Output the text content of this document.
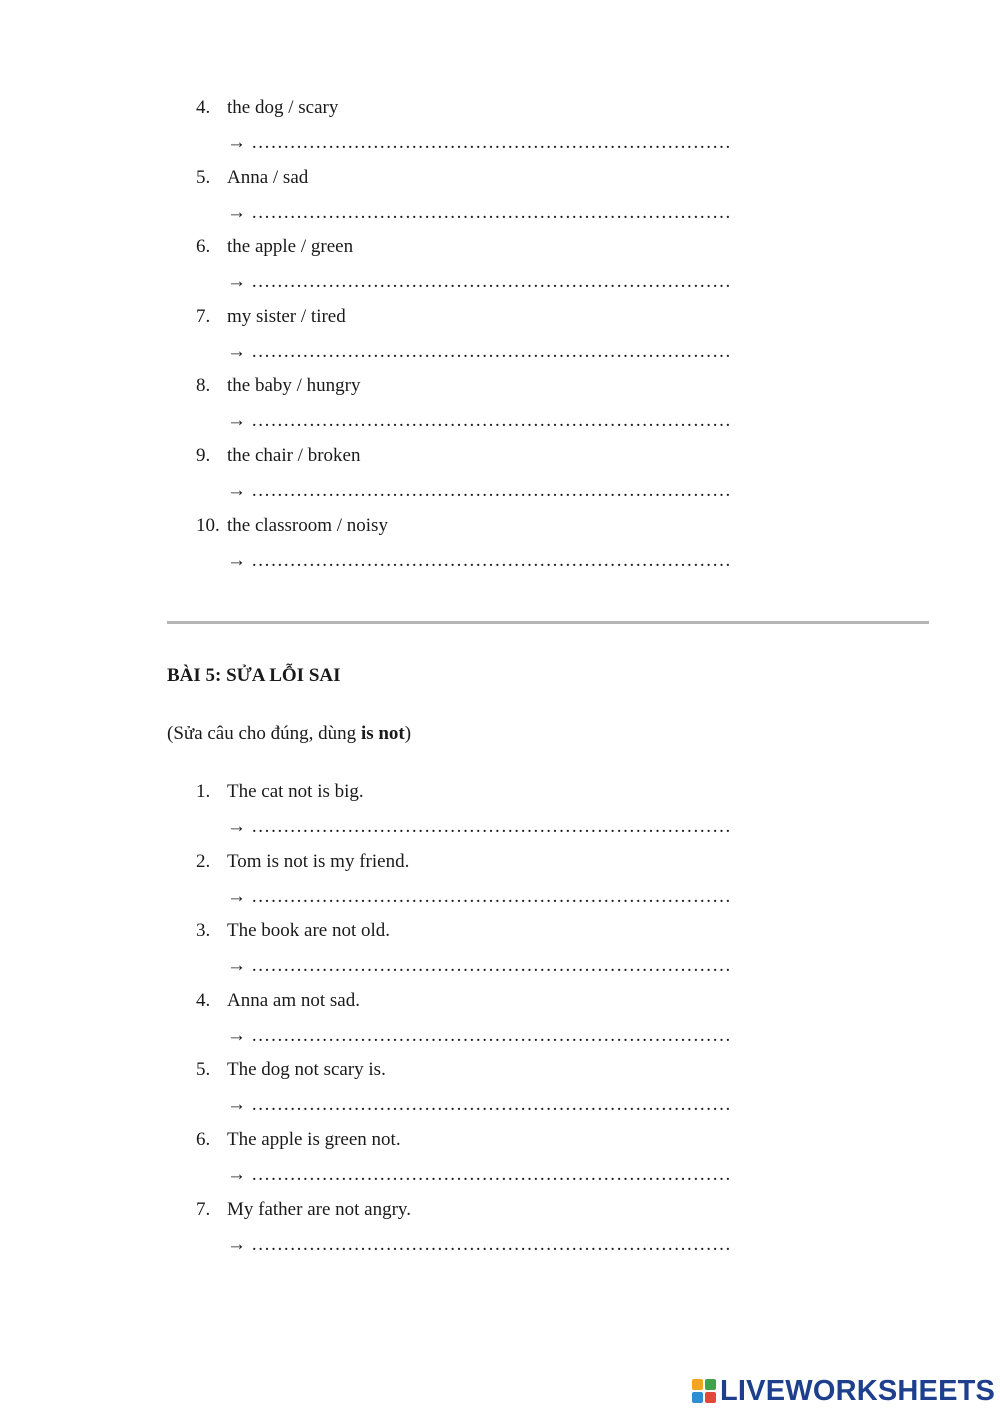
4. the dog / scary
→ …………………………………………………………………
5. Anna / sad
→ …………………………………………………………………
6. the apple / green
→ …………………………………………………………………
7. my sister / tired
→ …………………………………………………………………
8. the baby / hungry
→ …………………………………………………………………
9. the chair / broken
→ …………………………………………………………………
10. the classroom / noisy
→ …………………………………………………………………
BÀI 5: SỬA LỖI SAI

(Sửa câu cho đúng, dùng is not)

1. The cat not is big.
→ …………………………………………………………………
2. Tom is not is my friend.
→ …………………………………………………………………
3. The book are not old.
→ …………………………………………………………………
4. Anna am not sad.
→ …………………………………………………………………
5. The dog not scary is.
→ …………………………………………………………………
6. The apple is green not.
→ …………………………………………………………………
7. My father are not angry.
→ …………………………………………………………………
LIVEWORKSHEETS
